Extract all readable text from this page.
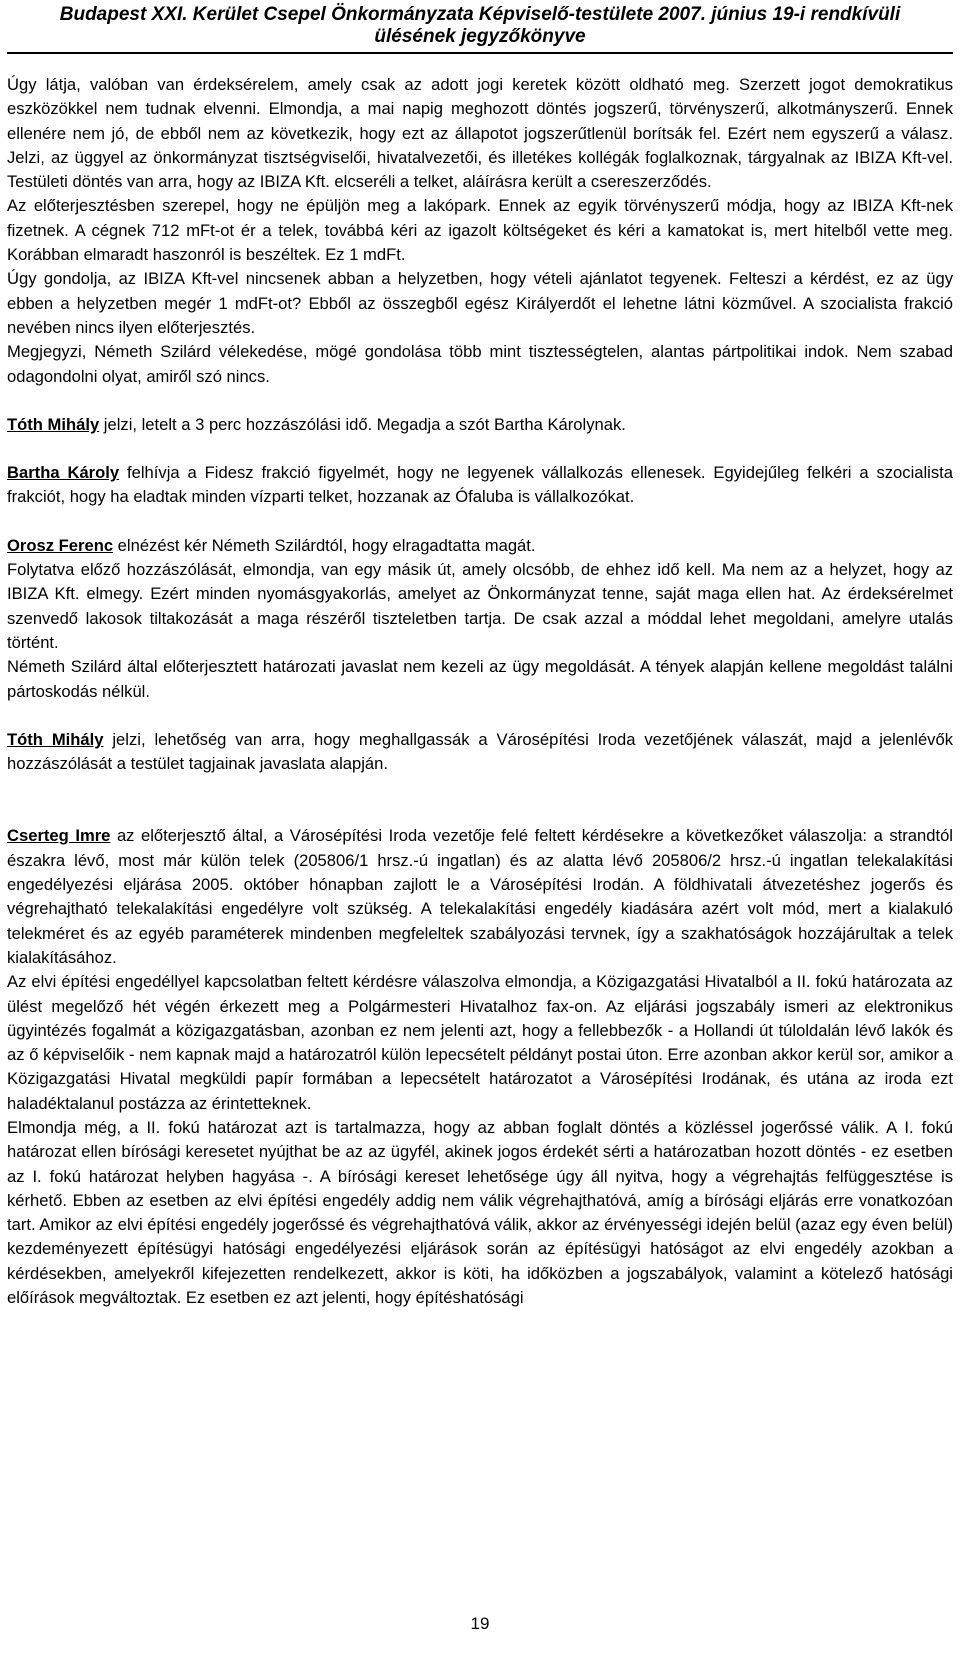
Budapest XXI. Kerület Csepel Önkormányzata Képviselő-testülete 2007. június 19-i rendkívüli
ülésének jegyzőkönyve

Úgy látja, valóban van érdeksérelem, amely csak az adott jogi keretek között oldható meg. Szerzett jogot demokratikus eszközökkel nem tudnak elvenni. Elmondja, a mai napig meghozott döntés jogszerű, törvényszerű, alkotmányszerű. Ennek ellenére nem jó, de ebből nem az következik, hogy ezt az állapotot jogszerűtlenül borítsák fel. Ezért nem egyszerű a válasz. Jelzi, az üggyel az önkormányzat tisztségviselői, hivatalvezetői, és illetékes kollégák foglalkoznak, tárgyalnak az IBIZA Kft-vel. Testületi döntés van arra, hogy az IBIZA Kft. elcseréli a telket, aláírásra került a csereszerződés.

Az előterjesztésben szerepel, hogy ne épüljön meg a lakópark. Ennek az egyik törvényszerű módja, hogy az IBIZA Kft-nek fizetnek. A cégnek 712 mFt-ot ér a telek, továbbá kéri az igazolt költségeket és kéri a kamatokat is, mert hitelből vette meg. Korábban elmaradt haszonról is beszéltek. Ez 1 mdFt.

Úgy gondolja, az IBIZA Kft-vel nincsenek abban a helyzetben, hogy vételi ajánlatot tegyenek. Felteszi a kérdést, ez az ügy ebben a helyzetben megér 1 mdFt-ot? Ebből az összegből egész Királyerdőt el lehetne látni közművel. A szocialista frakció nevében nincs ilyen előterjesztés.

Megjegyzi, Németh Szilárd vélekedése, mögé gondolása több mint tisztességtelen, alantas pártpolitikai indok. Nem szabad odagondolni olyat, amiről szó nincs.

Tóth Mihály jelzi, letelt a 3 perc hozzászólási idő. Megadja a szót Bartha Károlynak.

Bartha Károly felhívja a Fidesz frakció figyelmét, hogy ne legyenek vállalkozás ellenesek. Egyidejűleg felkéri a szocialista frakciót, hogy ha eladtak minden vízparti telket, hozzanak az Ófaluba is vállalkozókat.

Orosz Ferenc elnézést kér Németh Szilárdtól, hogy elragadtatta magát.

Folytatva előző hozzászólását, elmondja, van egy másik út, amely olcsóbb, de ehhez idő kell. Ma nem az a helyzet, hogy az IBIZA Kft. elmegy. Ezért minden nyomásgyakorlás, amelyet az Önkormányzat tenne, saját maga ellen hat. Az érdeksérelmet szenvedő lakosok tiltakozását a maga részéről tiszteletben tartja. De csak azzal a móddal lehet megoldani, amelyre utalás történt.

Németh Szilárd által előterjesztett határozati javaslat nem kezeli az ügy megoldását. A tények alapján kellene megoldást találni pártoskodás nélkül.

Tóth Mihály jelzi, lehetőség van arra, hogy meghallgassák a Városépítési Iroda vezetőjének válaszát, majd a jelenlévők hozzászólását a testület tagjainak javaslata alapján.

Cserteg Imre az előterjesztő által, a Városépítési Iroda vezetője felé feltett kérdésekre a következőket válaszolja: a strandtól északra lévő, most már külön telek (205806/1 hrsz.-ú ingatlan) és az alatta lévő 205806/2 hrsz.-ú ingatlan telekalakítási engedélyezési eljárása 2005. október hónapban zajlott le a Városépítési Irodán. A földhivatali átvezetéshez jogerős és végrehajtható telekalakítási engedélyre volt szükség. A telekalakítási engedély kiadására azért volt mód, mert a kialakuló telekméret és az egyéb paraméterek mindenben megfeleltek szabályozási tervnek, így a szakhatóságok hozzájárultak a telek kialakításához.

Az elvi építési engedéllyel kapcsolatban feltett kérdésre válaszolva elmondja, a Közigazgatási Hivatalból a II. fokú határozata az ülést megelőző hét végén érkezett meg a Polgármesteri Hivatalhoz fax-on. Az eljárási jogszabály ismeri az elektronikus ügyintézés fogalmát a közigazgatásban, azonban ez nem jelenti azt, hogy a fellebbezők - a Hollandi út túloldalán lévő lakók és az ő képviselőik - nem kapnak majd a határozatról külön lepecsételt példányt postai úton. Erre azonban akkor kerül sor, amikor a Közigazgatási Hivatal megküldi papír formában a lepecsételt határozatot a Városépítési Irodának, és utána az iroda ezt haladéktalanul postázza az érintetteknek.

Elmondja még, a II. fokú határozat azt is tartalmazza, hogy az abban foglalt döntés a közléssel jogerőssé válik. A I. fokú határozat ellen bírósági keresetet nyújthat be az az ügyfél, akinek jogos érdekét sérti a határozatban hozott döntés - ez esetben az I. fokú határozat helyben hagyása -. A bírósági kereset lehetősége úgy áll nyitva, hogy a végrehajtás felfüggesztése is kérhető. Ebben az esetben az elvi építési engedély addig nem válik végrehajthatóvá, amíg a bírósági eljárás erre vonatkozóan tart. Amikor az elvi építési engedély jogerőssé és végrehajthatóvá válik, akkor az érvényességi idején belül (azaz egy éven belül) kezdeményezett építésügyi hatósági engedélyezési eljárások során az építésügyi hatóságot az elvi engedély azokban a kérdésekben, amelyekről kifejezetten rendelkezett, akkor is köti, ha időközben a jogszabályok, valamint a kötelező hatósági előírások megváltoztak. Ez esetben ez azt jelenti, hogy építéshatósági

19
